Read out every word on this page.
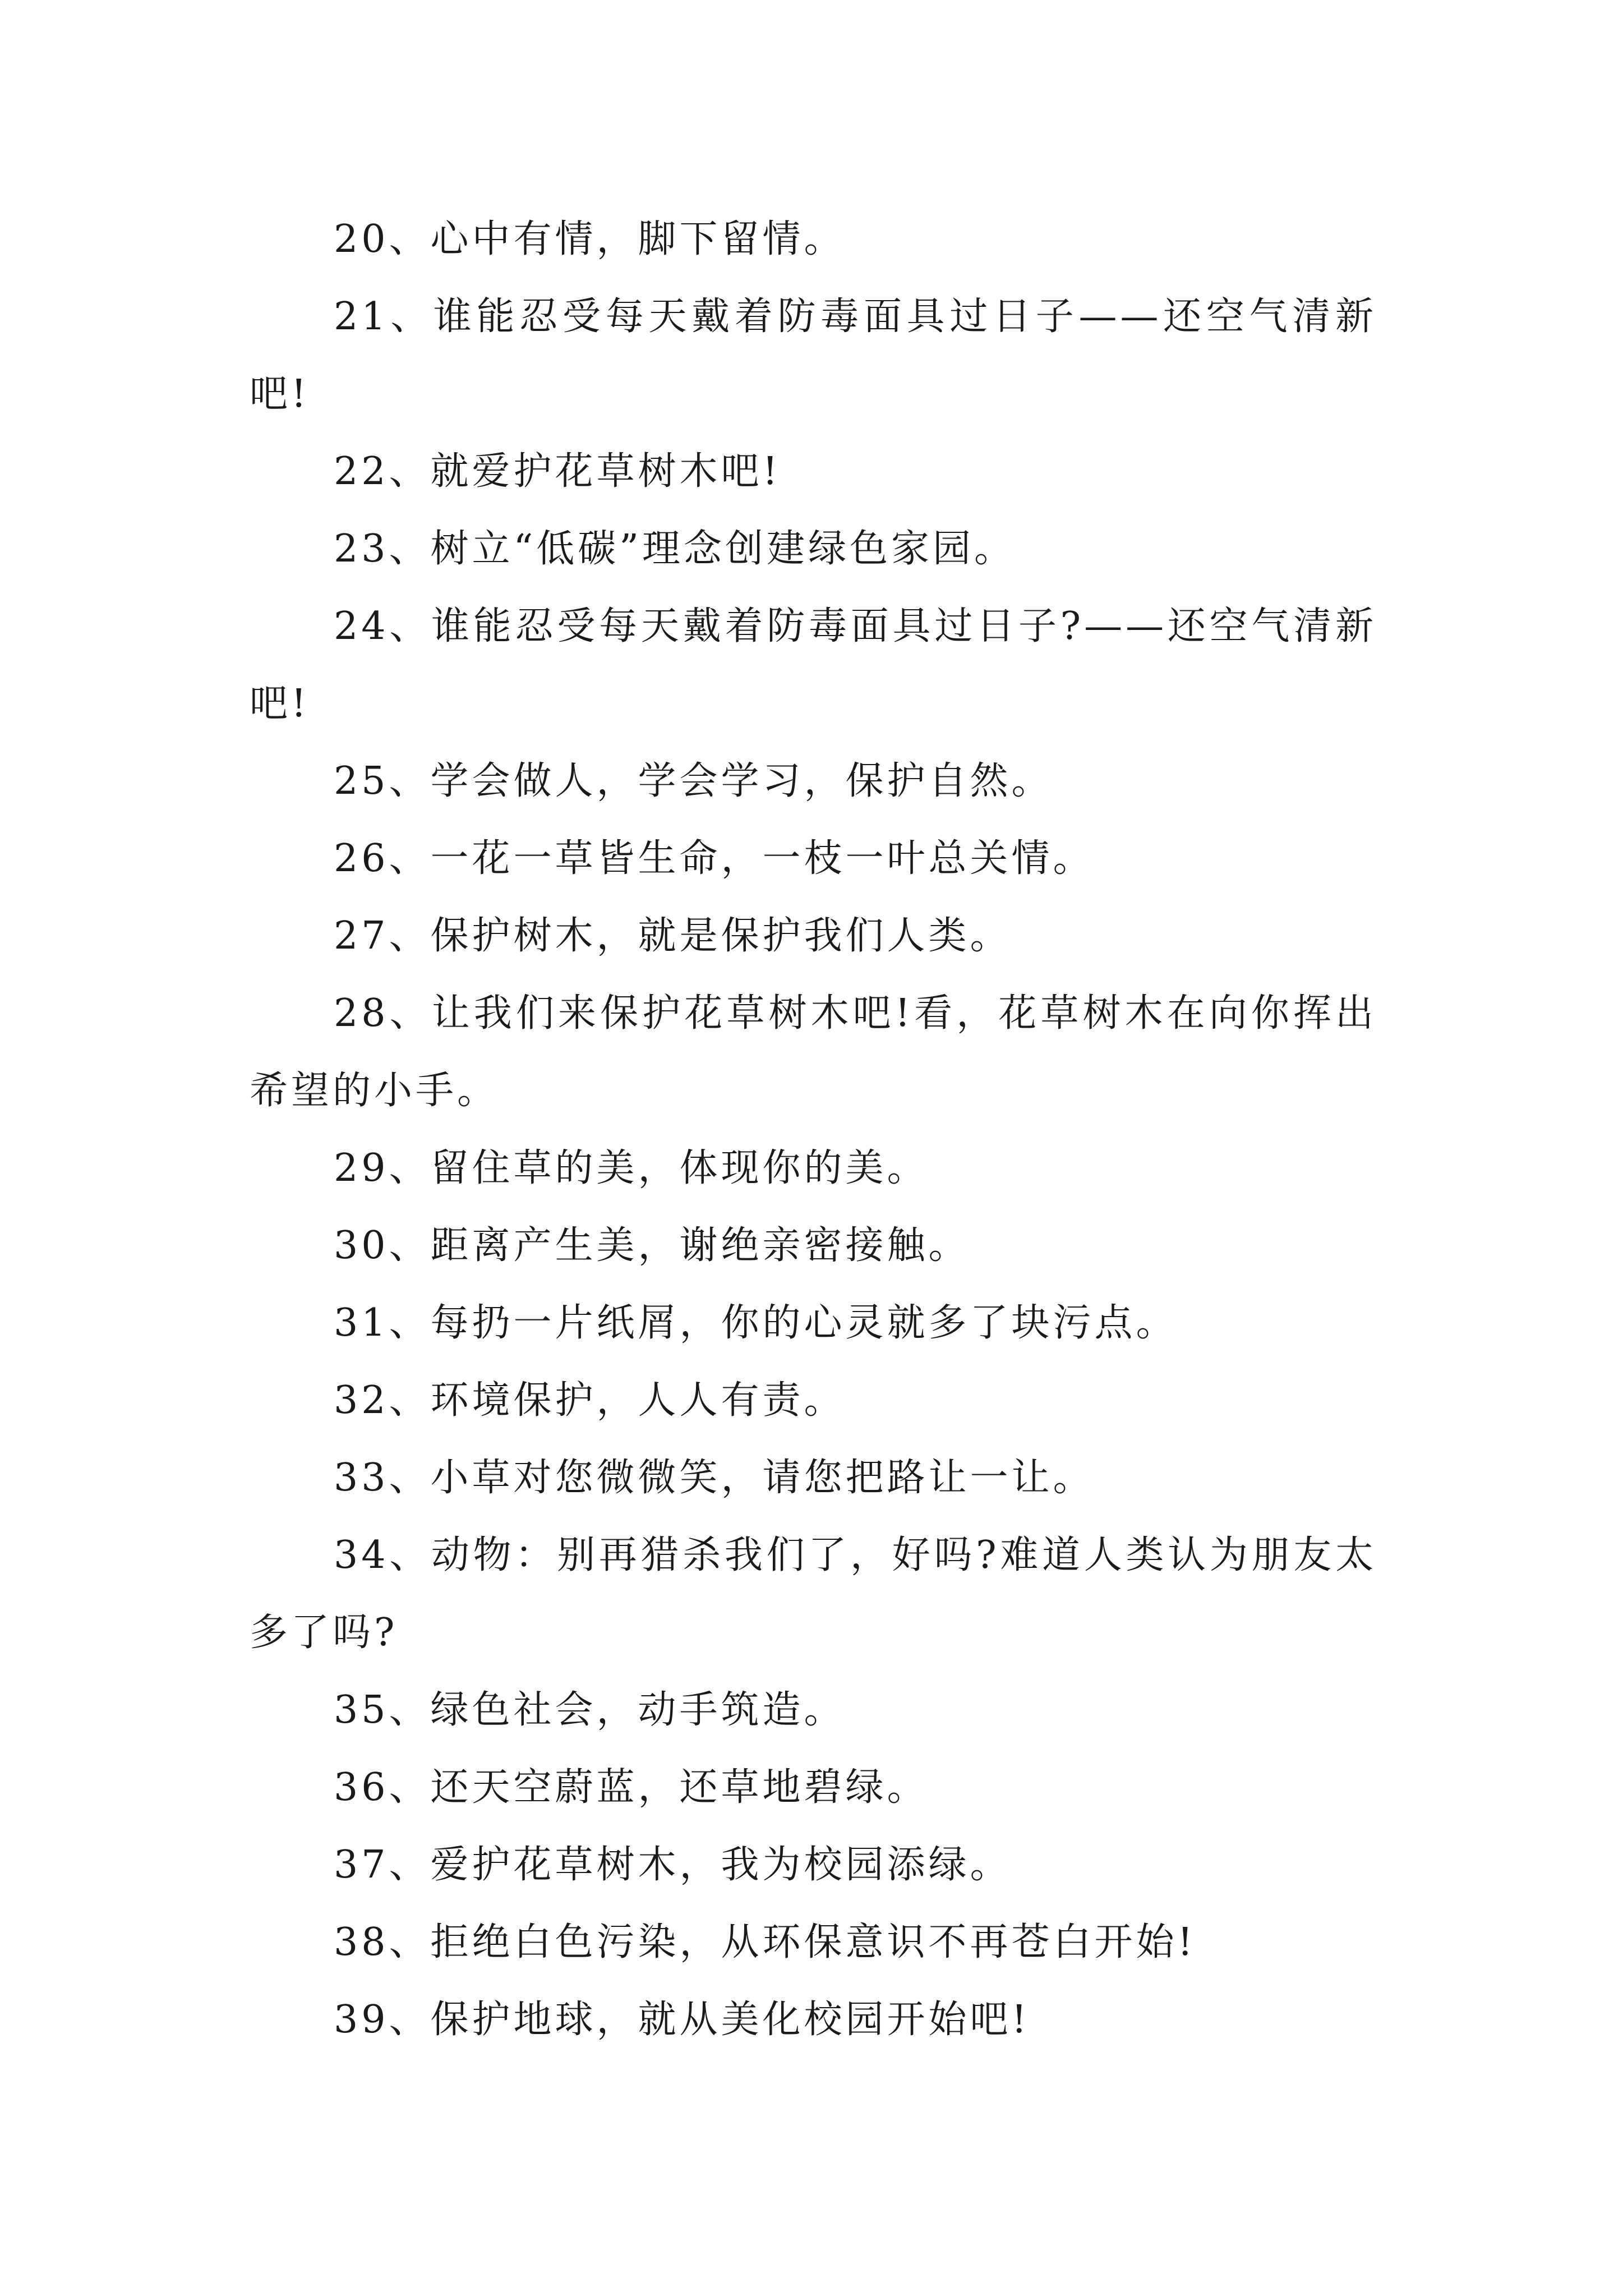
20、心中有情，脚下留情。

21、谁能忍受每天戴着防毒面具过日子——还空气清新吧!

22、就爱护花草树木吧!

23、树立“低碳”理念创建绿色家园。

24、谁能忍受每天戴着防毒面具过日子?——还空气清新吧!

25、学会做人，学会学习，保护自然。

26、一花一草皆生命，一枝一叶总关情。

27、保护树木，就是保护我们人类。

28、让我们来保护花草树木吧!看，花草树木在向你挥出希望的小手。

29、留住草的美，体现你的美。

30、距离产生美，谢绝亲密接触。

31、每扔一片纸屑，你的心灵就多了块污点。

32、环境保护，人人有责。

33、小草对您微微笑，请您把路让一让。

34、动物：别再猎杀我们了，好吗?难道人类认为朋友太多了吗?

35、绿色社会，动手筑造。

36、还天空蔚蓝，还草地碧绿。

37、爱护花草树木，我为校园添绿。

38、拒绝白色污染，从环保意识不再苍白开始!

39、保护地球，就从美化校园开始吧!
